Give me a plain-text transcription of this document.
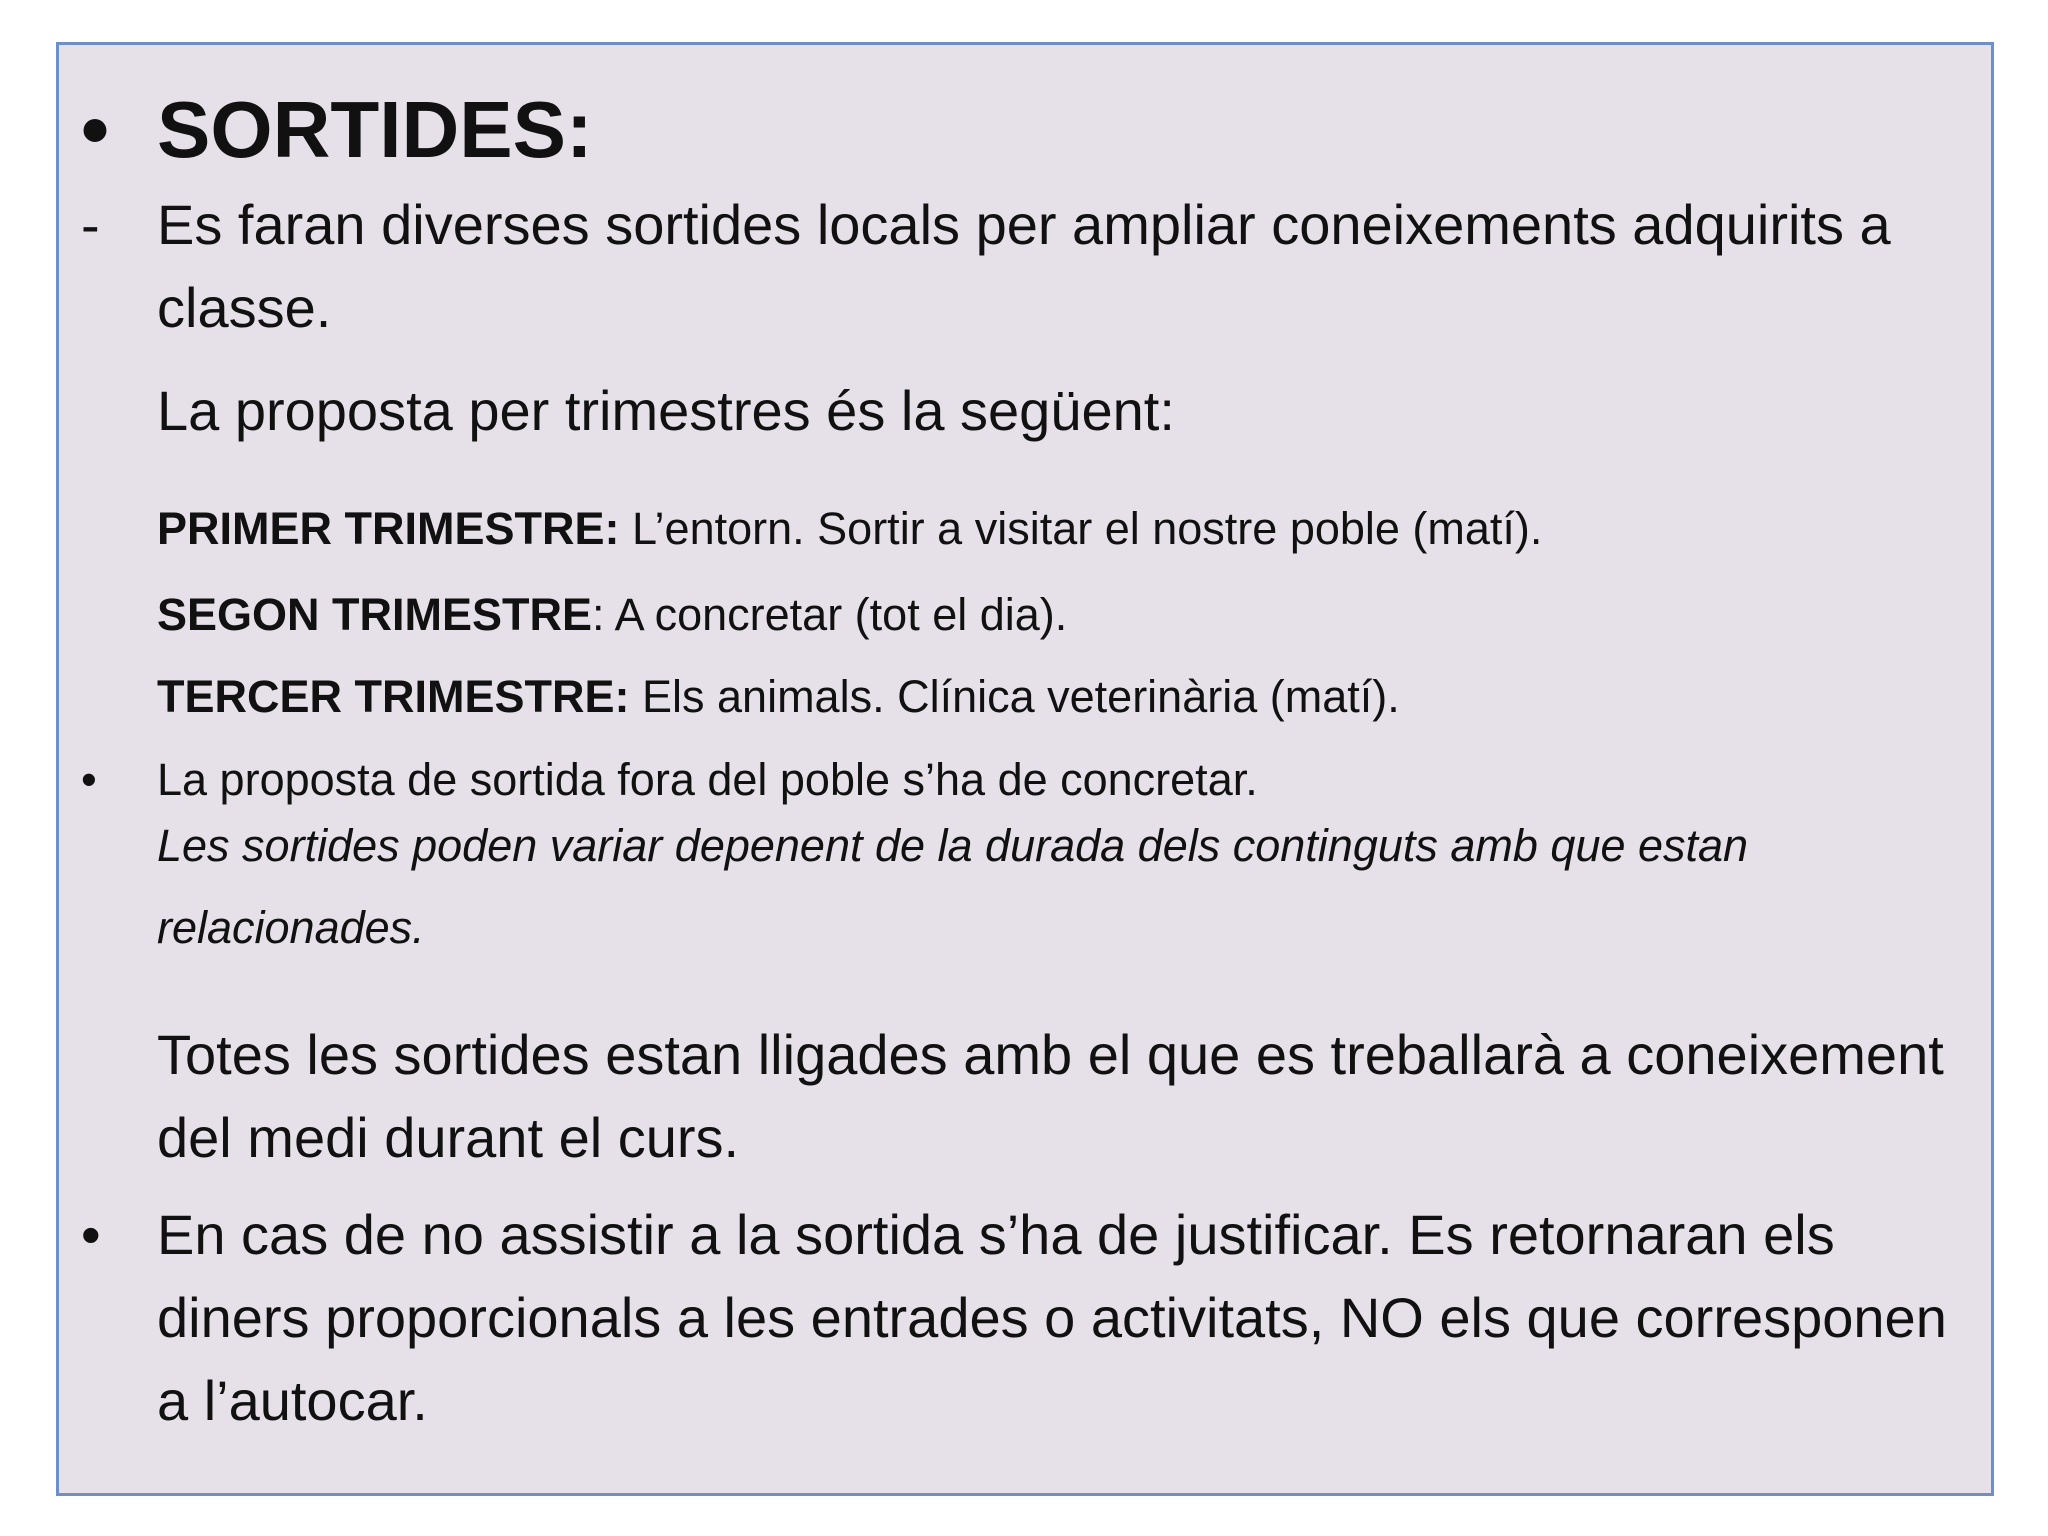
• SORTIDES:
-	Es faran diverses sortides locals per ampliar coneixements adquirits a classe.
La proposta per trimestres és la següent:
PRIMER TRIMESTRE: L’entorn. Sortir a visitar el nostre poble (matí).
SEGON TRIMESTRE: A concretar (tot el dia).
TERCER TRIMESTRE: Els animals. Clínica veterinària (matí).
•	La proposta de sortida fora del poble s’ha de concretar.
Les sortides poden variar depenent de la durada dels continguts amb que estan relacionades.
Totes les sortides estan lligades amb el que es treballarà a coneixement del medi durant el curs.
•	En cas de no assistir a la sortida s’ha de justificar. Es retornaran els diners proporcionals a les entrades o activitats, NO els que corresponen a l’autocar.
